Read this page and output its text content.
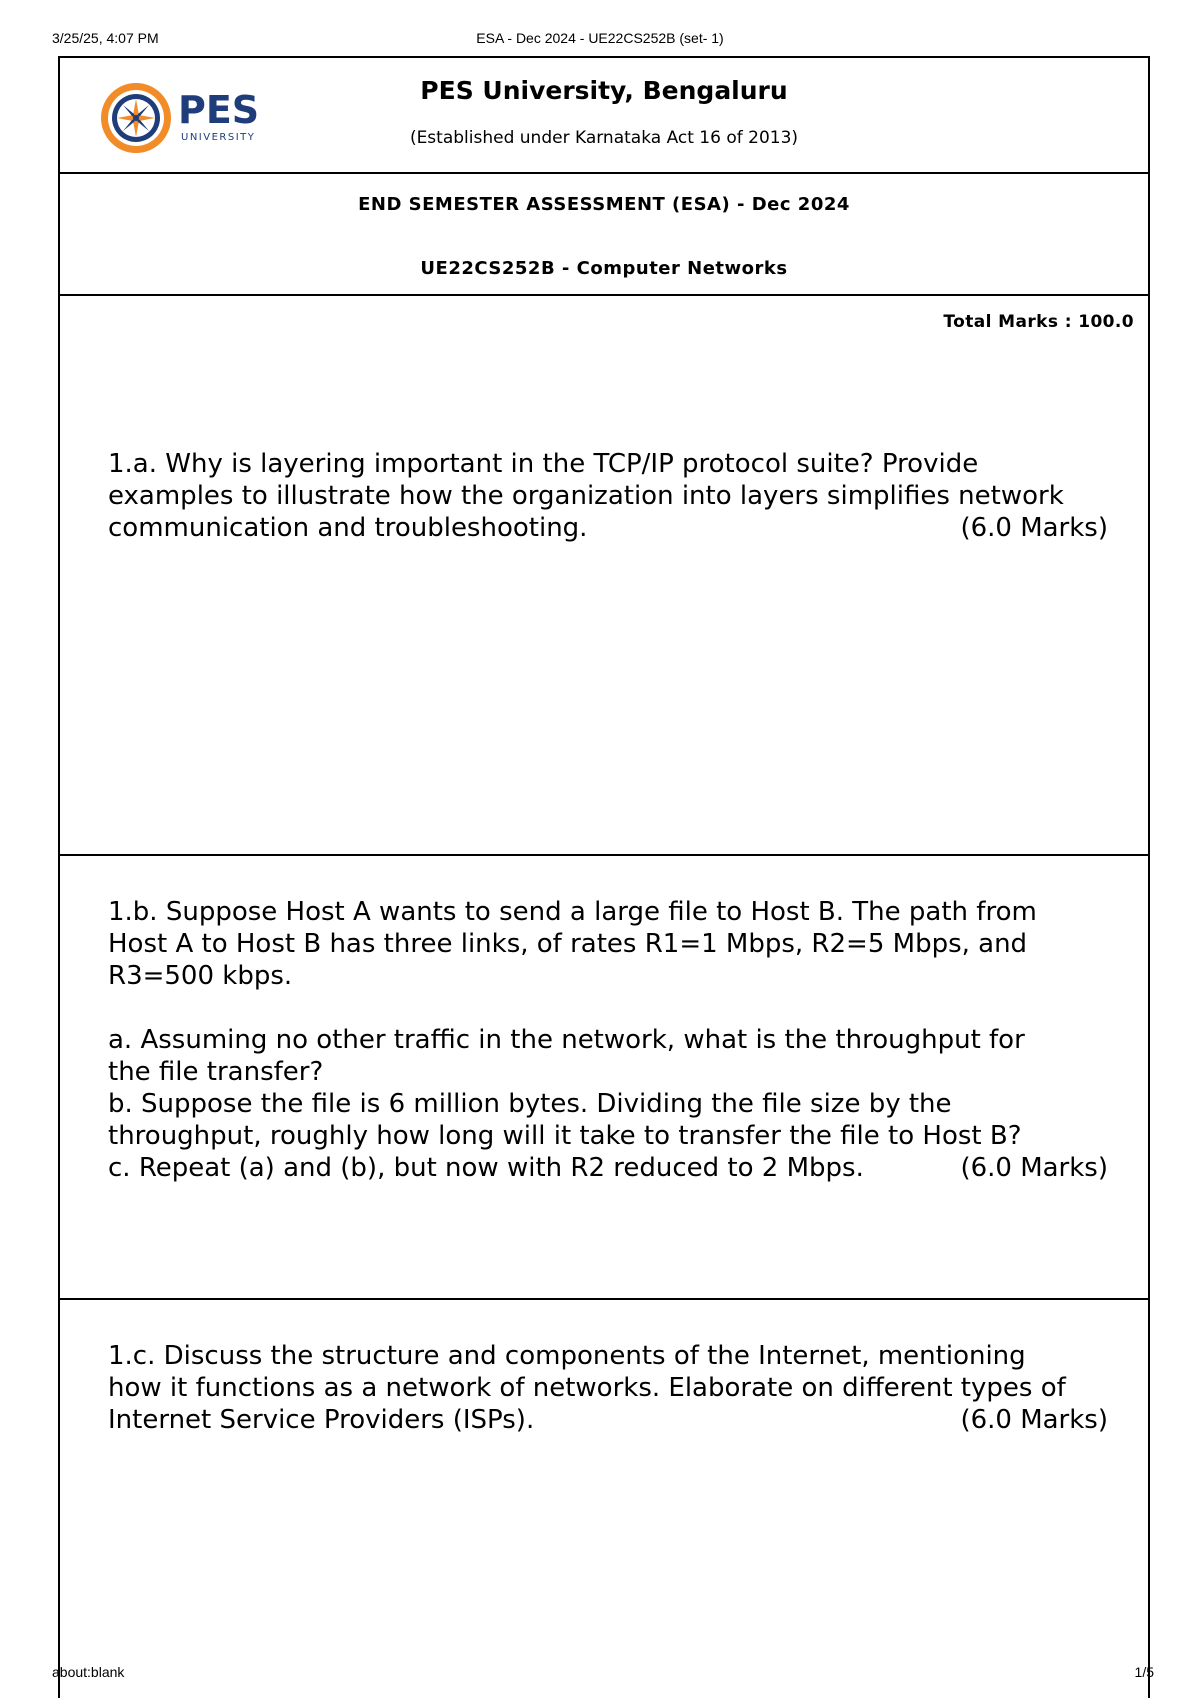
3/25/25, 4:07 PM	ESA - Dec 2024 - UE22CS252B (set- 1)
PES
UNIVERSITY
PES University, Bengaluru
(Established under Karnataka Act 16 of 2013)
END SEMESTER ASSESSMENT (ESA) - Dec 2024
UE22CS252B - Computer Networks
Total Marks : 100.0
1.a. Why is layering important in the TCP/IP protocol suite? Provide
examples to illustrate how the organization into layers simplifies network
communication and troubleshooting.	(6.0 Marks)
1.b. Suppose Host A wants to send a large file to Host B. The path from
Host A to Host B has three links, of rates R1=1 Mbps, R2=5 Mbps, and
R3=500 kbps.
a. Assuming no other traffic in the network, what is the throughput for
the file transfer?
b. Suppose the file is 6 million bytes. Dividing the file size by the
throughput, roughly how long will it take to transfer the file to Host B?
c. Repeat (a) and (b), but now with R2 reduced to 2 Mbps.	(6.0 Marks)
1.c. Discuss the structure and components of the Internet, mentioning
how it functions as a network of networks. Elaborate on different types of
Internet Service Providers (ISPs).	(6.0 Marks)
about:blank	1/5
